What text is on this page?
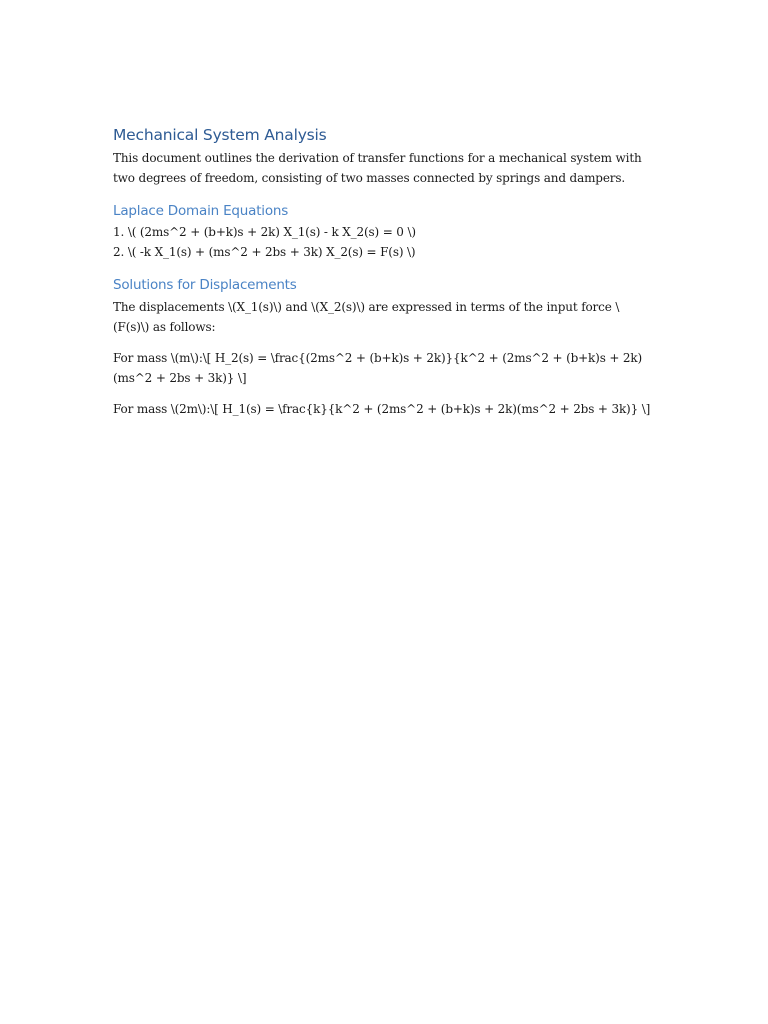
Mechanical System Analysis
This document outlines the derivation of transfer functions for a mechanical system with
two degrees of freedom, consisting of two masses connected by springs and dampers.
Laplace Domain Equations
1. \( (2ms^2 + (b+k)s + 2k) X_1(s) - k X_2(s) = 0 \)
2. \( -k X_1(s) + (ms^2 + 2bs + 3k) X_2(s) = F(s) \)
Solutions for Displacements
The displacements \(X_1(s)\) and \(X_2(s)\) are expressed in terms of the input force \
(F(s)\) as follows:
For mass \(m\):\[ H_2(s) = \frac{(2ms^2 + (b+k)s + 2k)}{k^2 + (2ms^2 + (b+k)s + 2k)
(ms^2 + 2bs + 3k)} \]
For mass \(2m\):\[ H_1(s) = \frac{k}{k^2 + (2ms^2 + (b+k)s + 2k)(ms^2 + 2bs + 3k)} \]
